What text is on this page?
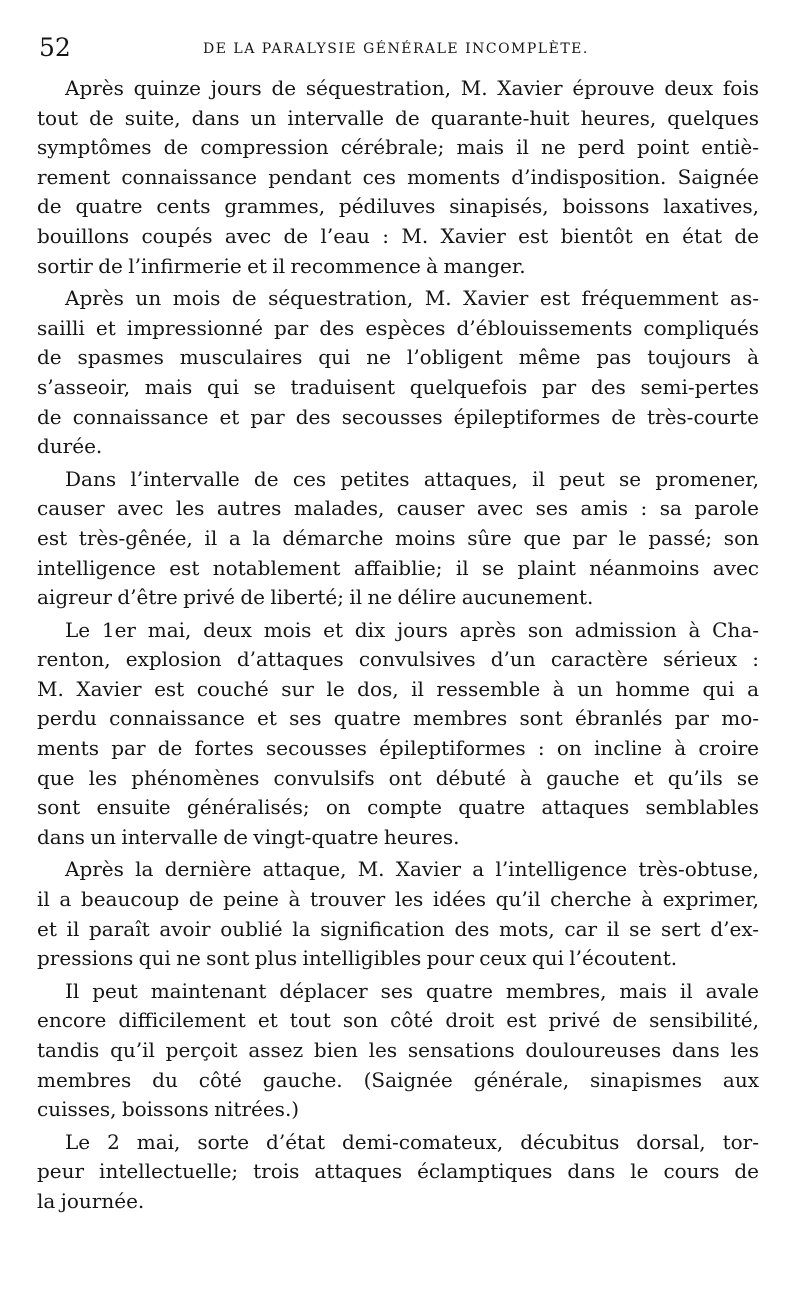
52	DE LA PARALYSIE GÉNÉRALE INCOMPLÈTE.

Après quinze jours de séquestration, M. Xavier éprouve deux fois
tout de suite, dans un intervalle de quarante-huit heures, quelques
symptômes de compression cérébrale; mais il ne perd point entiè-
rement connaissance pendant ces moments d’indisposition. Saignée
de quatre cents grammes, pédiluves sinapisés, boissons laxatives,
bouillons coupés avec de l’eau : M. Xavier est bientôt en état de
sortir de l’infirmerie et il recommence à manger.

Après un mois de séquestration, M. Xavier est fréquemment as-
sailli et impressionné par des espèces d’éblouissements compliqués
de spasmes musculaires qui ne l’obligent même pas toujours à
s’asseoir, mais qui se traduisent quelquefois par des semi-pertes
de connaissance et par des secousses épileptiformes de très-courte
durée.

Dans l’intervalle de ces petites attaques, il peut se promener,
causer avec les autres malades, causer avec ses amis : sa parole
est très-gênée, il a la démarche moins sûre que par le passé; son
intelligence est notablement affaiblie; il se plaint néanmoins avec
aigreur d’être privé de liberté; il ne délire aucunement.

Le 1er mai, deux mois et dix jours après son admission à Cha-
renton, explosion d’attaques convulsives d’un caractère sérieux :
M. Xavier est couché sur le dos, il ressemble à un homme qui a
perdu connaissance et ses quatre membres sont ébranlés par mo-
ments par de fortes secousses épileptiformes : on incline à croire
que les phénomènes convulsifs ont débuté à gauche et qu’ils se
sont ensuite généralisés; on compte quatre attaques semblables
dans un intervalle de vingt-quatre heures.

Après la dernière attaque, M. Xavier a l’intelligence très-obtuse,
il a beaucoup de peine à trouver les idées qu’il cherche à exprimer,
et il paraît avoir oublié la signification des mots, car il se sert d’ex-
pressions qui ne sont plus intelligibles pour ceux qui l’écoutent.

Il peut maintenant déplacer ses quatre membres, mais il avale
encore difficilement et tout son côté droit est privé de sensibilité,
tandis qu’il perçoit assez bien les sensations douloureuses dans les
membres du côté gauche. (Saignée générale, sinapismes aux
cuisses, boissons nitrées.)

Le 2 mai, sorte d’état demi-comateux, décubitus dorsal, tor-
peur intellectuelle; trois attaques éclamptiques dans le cours de
la journée.
